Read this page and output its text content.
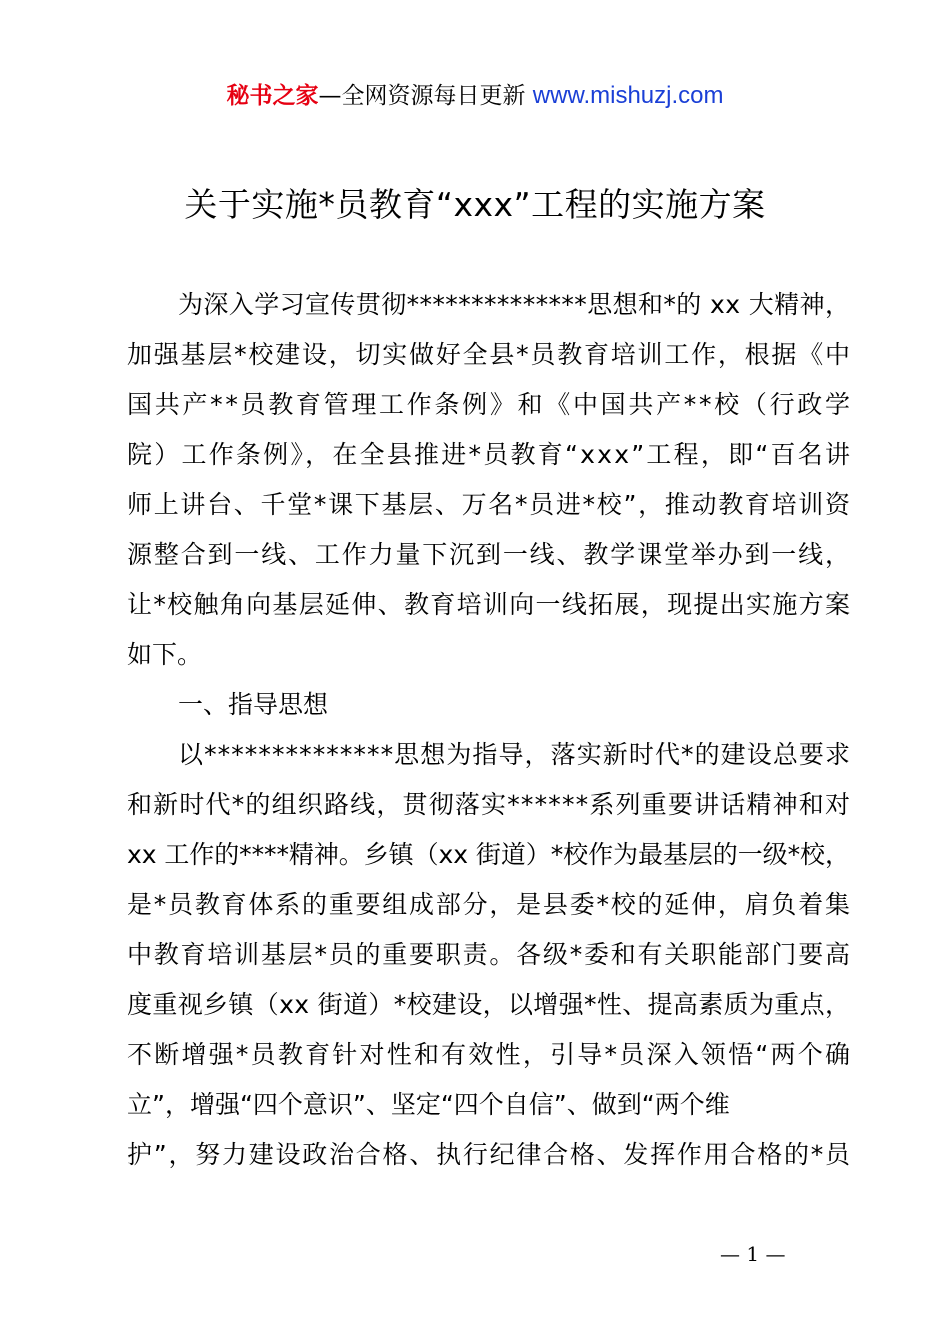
秘书之家—全网资源每日更新 www.mishuzj.com
关于实施*员教育“xxx”工程的实施方案
为深入学习宣传贯彻**************思想和*的 xx 大精神，
加强基层*校建设，切实做好全县*员教育培训工作，根据《中
国共产**员教育管理工作条例》和《中国共产**校（行政学
院）工作条例》，在全县推进*员教育“xxx”工程，即“百名讲
师上讲台、千堂*课下基层、万名*员进*校”，推动教育培训资
源整合到一线、工作力量下沉到一线、教学课堂举办到一线，
让*校触角向基层延伸、教育培训向一线拓展，现提出实施方案
如下。
一、指导思想
以**************思想为指导，落实新时代*的建设总要求
和新时代*的组织路线，贯彻落实******系列重要讲话精神和对
xx 工作的****精神。乡镇（xx 街道）*校作为最基层的一级*校，
是*员教育体系的重要组成部分，是县委*校的延伸，肩负着集
中教育培训基层*员的重要职责。各级*委和有关职能部门要高
度重视乡镇（xx 街道）*校建设，以增强*性、提高素质为重点，
不断增强*员教育针对性和有效性，引导*员深入领悟“两个确
立”，增强“四个意识”、坚定“四个自信”、做到“两个维
护”，努力建设政治合格、执行纪律合格、发挥作用合格的*员
— 1 —
